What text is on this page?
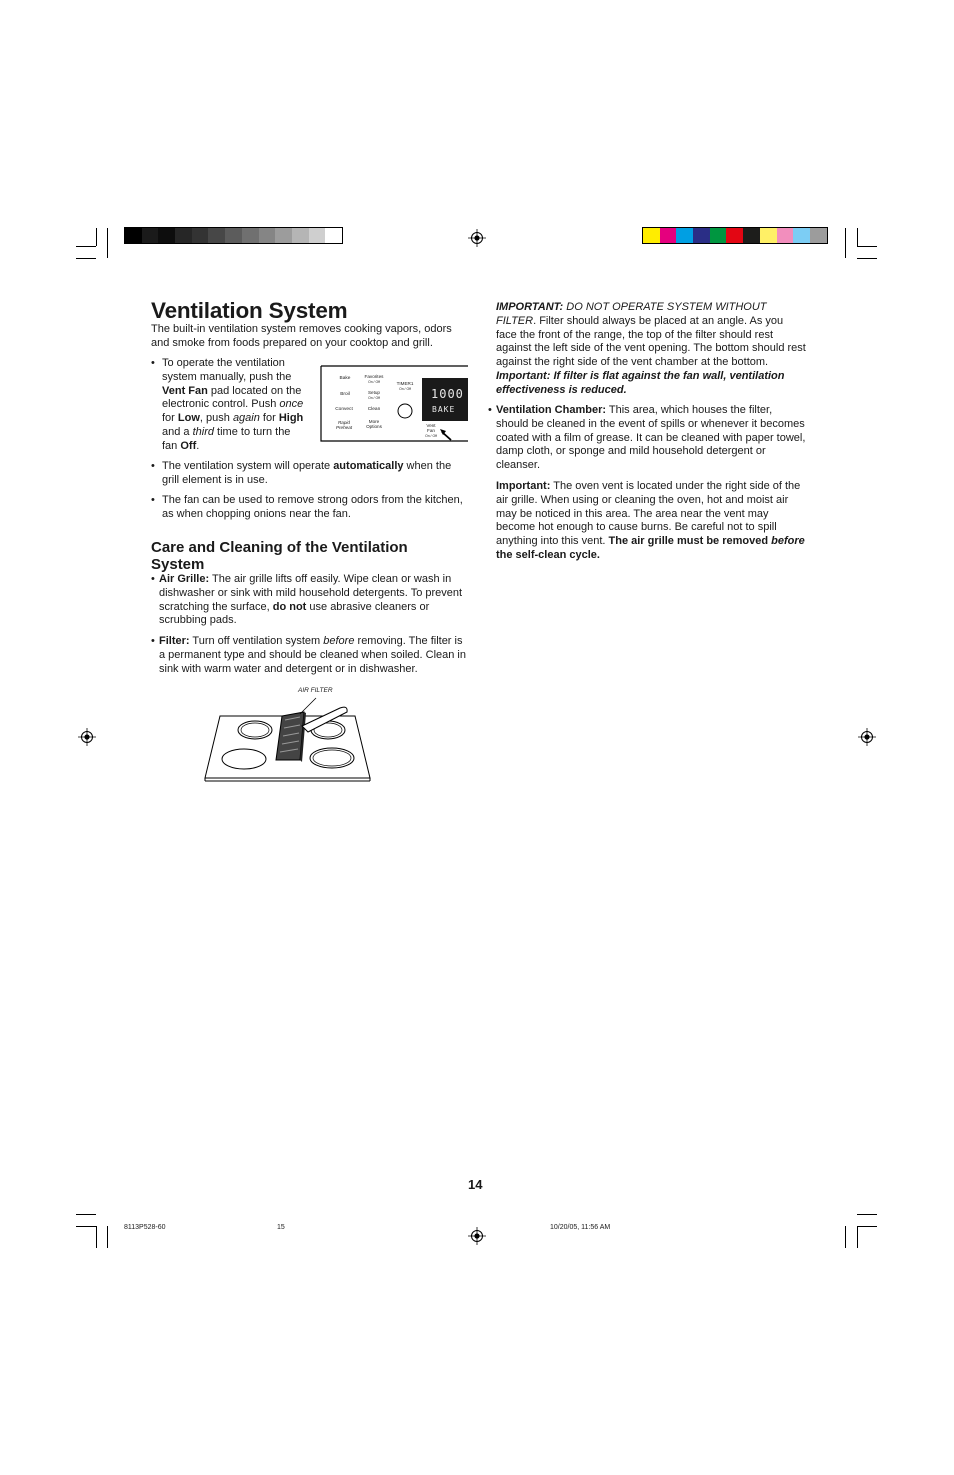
Ventilation System
The built-in ventilation system removes cooking vapors, odors and smoke from foods prepared on your cooktop and grill.
• To operate the ventilation
system manually, push the
Vent Fan pad located on the
electronic control. Push once
for Low, push again for High
and a third time to turn the
fan Off.
Bake
Broil
Convect
Rapid
Preheat
Favorites
On / Off
Setup
On / Off
Clean
More
Options
TIMER1
On / Off
Vent
Fan
On / Off
1000
BAKE
• The ventilation system will operate automatically when the grill element is in use.
• The fan can be used to remove strong odors from the kitchen, as when chopping onions near the fan.
Care and Cleaning of the Ventilation System
• Air Grille: The air grille lifts off easily. Wipe clean or wash in dishwasher or sink with mild household detergents. To prevent scratching the surface, do not use abrasive cleaners or scrubbing pads.
• Filter: Turn off ventilation system before removing. The filter is a permanent type and should be cleaned when soiled. Clean in sink with warm water and detergent or in dishwasher.
AIR FILTER
IMPORTANT: DO NOT OPERATE SYSTEM WITHOUT FILTER. Filter should always be placed at an angle. As you face the front of the range, the top of the filter should rest against the left side of the vent opening. The bottom should rest against the right side of the vent chamber at the bottom. Important: If filter is flat against the fan wall, ventilation effectiveness is reduced.
• Ventilation Chamber: This area, which houses the filter, should be cleaned in the event of spills or whenever it becomes coated with a film of grease. It can be cleaned with paper towel, damp cloth, or sponge and mild household detergent or cleanser.
Important: The oven vent is located under the right side of the air grille. When using or cleaning the oven, hot and moist air may be noticed in this area. The area near the vent may become hot enough to cause burns. Be careful not to spill anything into this vent. The air grille must be removed before the self-clean cycle.
14
8113P528-60	15	10/20/05, 11:56 AM
